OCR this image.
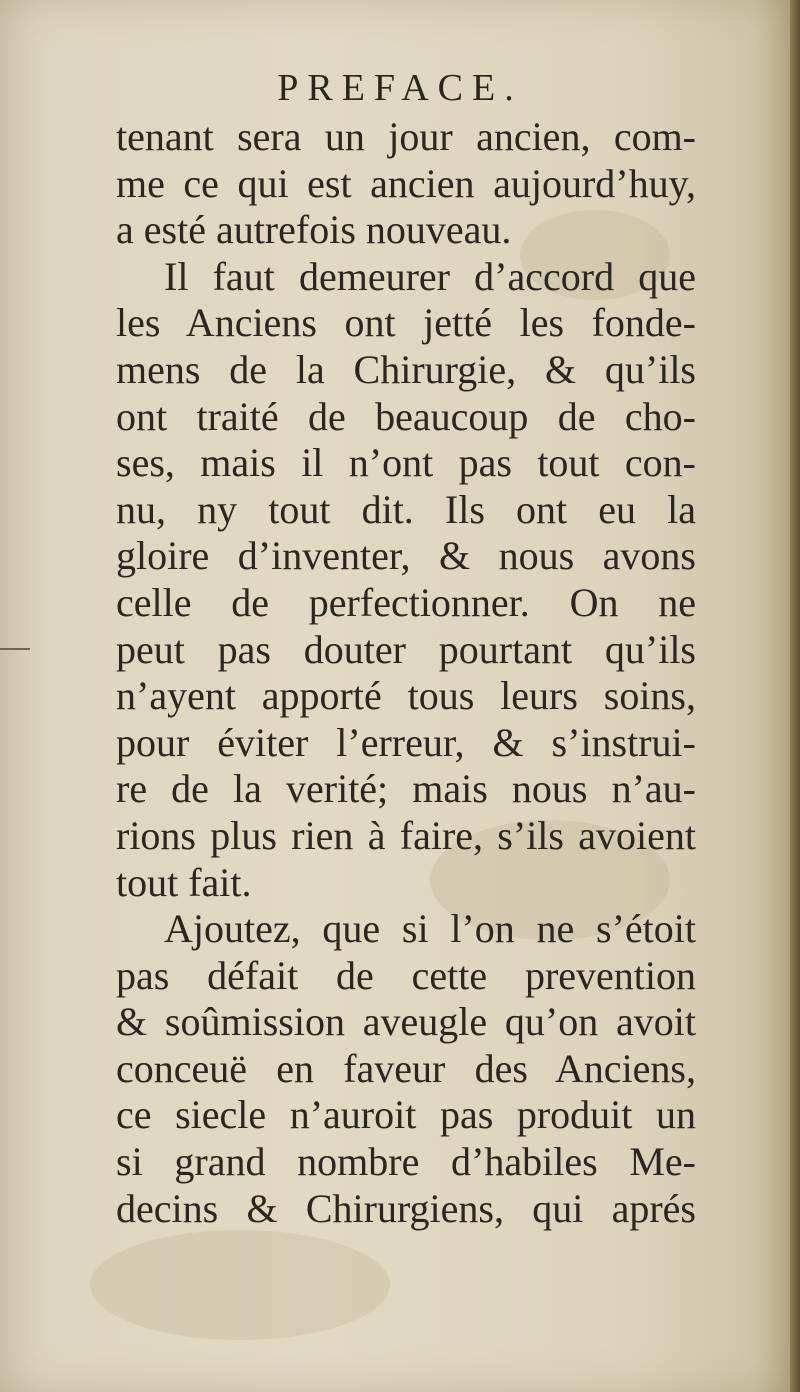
PREFACE.
tenant sera un jour ancien, com-
me ce qui est ancien aujourd’huy,
a esté autrefois nouveau.
Il faut demeurer d’accord que
les Anciens ont jetté les fonde-
mens de la Chirurgie, & qu’ils
ont traité de beaucoup de cho-
ses, mais il n’ont pas tout con-
nu, ny tout dit. Ils ont eu la
gloire d’inventer, & nous avons
celle de perfectionner. On ne
peut pas douter pourtant qu’ils
n’ayent apporté tous leurs soins,
pour éviter l’erreur, & s’instrui-
re de la verité; mais nous n’au-
rions plus rien à faire, s’ils avoient
tout fait.
Ajoutez, que si l’on ne s’étoit
pas défait de cette prevention
& soûmission aveugle qu’on avoit
conceuë en faveur des Anciens,
ce siecle n’auroit pas produit un
si grand nombre d’habiles Me-
decins & Chirurgiens, qui aprés
